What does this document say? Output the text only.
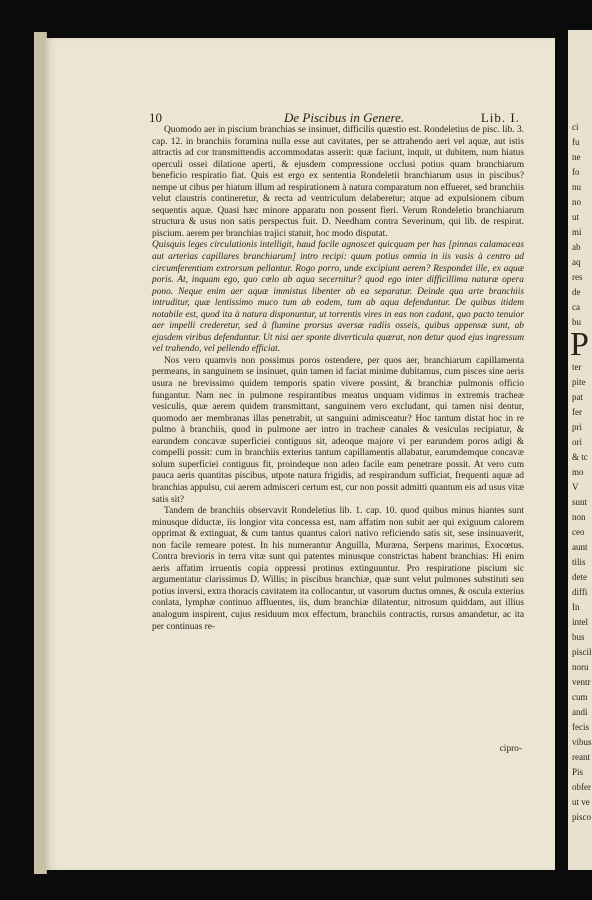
ci
fu
ne
fo
nu
no
ut
mi
ab
aq
res
de
ca
bu
P
ter
pite
pat
fer
pri
ori
& tc
mo
V
sunt
non
ceo
aunt
tilis
dete
diffi
In
intel
bus
piscil
noru
ventr
cum
andi
fecis
vibus
reant
Pis
obfer
ut ve
pisco
10	De Piscibus in Genere.	Lib. I.

Quomodo aer in piscium branchias se insinuet, difficilis quæstio est. Rondeletius de pisc. lib. 3. cap. 12. in branchiis foramina nulla esse aut cavitates, per se attrahendo aeri vel aquæ, aut istis attractis ad cor transmittendis accommodatas asserit: quæ faciunt, inquit, ut dubitem, num hiatus operculi ossei dilatione aperti, & ejusdem compressione occlusi potius quam branchiarum beneficio respiratio fiat. Quis est ergo ex sententia Rondeletii branchiarum usus in piscibus? nempe ut cibus per hiatum illum ad respirationem à natura comparatum non effueret, sed branchiis velut claustris contineretur, & recta ad ventriculum delaberetur; atque ad expulsionem cibum sequentis aquæ. Quasi hæc minore apparatu non possent fieri. Verum Rondeletio branchiarum structura & usus non satis perspectus fuit. D. Needham contra Severinum, qui lib. de respirat. piscium. aerem per branchias trajici statuit, hoc modo disputat.

Quisquis leges circulationis intelligit, haud facile agnoscet quicquam per has [pinnas calamaceas aut arterias capillares branchiarum] intro recipi: quum potius omnia in iis vasis à centro ad circumferentiam extrorsum pellantur. Rogo porro, unde excipiunt aerem? Respondet ille, ex aquæ poris. At, inquam ego, quo cœlo ab aqua secernitur? quod ego inter difficillima naturæ opera pono. Neque enim aer aquæ immistus libenter ab ea separatur. Deinde qua arte branchiis intruditur, quæ lentissimo muco tum ab eodem, tum ab aqua defenduntur. De quibus itidem notabile est, quod ita à natura disponuntur, ut torrentis vires in eas non cadant, quo pacto tenuior aer impelli crederetur, sed à flumine prorsus aversæ radiis osseis, quibus appensæ sunt, ab ejusdem viribus defenduntur. Ut nisi aer sponte diverticula quærat, non detur quod ejus ingressum vel trahendo, vel pellendo efficiat.

Nos vero quamvis non possimus poros ostendere, per quos aer, branchiarum capillamenta permeans, in sanguinem se insinuet, quin tamen id faciat minime dubitamus, cum pisces sine aeris usura ne brevissimo quidem temporis spatio vivere possint, & branchiæ pulmonis officio fungantur. Nam nec in pulmone respirantibus meatus unquam vidimus in extremis tracheæ vesiculis, quæ aerem quidem transmittant, sanguinem vero excludant, qui tamen nisi dentur, quomodo aer membranas illas penetrabit, ut sanguini admisceatur? Hoc tantum distat hoc in re pulmo à branchiis, quod in pulmone aer intro in tracheæ canales & vesiculas recipiatur, & earundem concavæ superficiei contiguus sit, adeoque majore vi per earundem poros adigi & compelli possit: cum in branchiis exterius tantum capillamentis allabatur, earumdemque concavæ solum superficiei contiguus fit, proindeque non adeo facile eam penetrare possit. At vero cum pauca aeris quantitas piscibus, utpote natura frigidis, ad respirandum sufficiat, frequenti aquæ ad branchias appulsu, cui aerem admisceri certum est, cur non possit admitti quantum eis ad usus vitæ satis sit?

Tandem de branchiis observavit Rondeletius lib. 1. cap. 10. quod quibus minus hiantes sunt minusque diductæ, iis longior vita concessa est, nam affatim non subit aer qui exiguum calorem opprimat & extinguat, & cum tantus quantus calori nativo reficiendo satis sit, sese insinuaverit, non facile remeare potest. In his numerantur Anguilla, Muræna, Serpens marinus, Exocœtus. Contra brevioris in terra vitæ sunt qui patentes minusque constrictas habent branchias: Hi enim aeris affatim irruentis copia oppressi protinus extinguuntur. Pro respiratione piscium sic argumentatur clarissimus D. Willis; in piscibus branchiæ, quæ sunt velut pulmones substituti seu potius inversi, extra thoracis cavitatem ita collocantur, ut vasorum ductus omnes, & oscula exterius conlata, lymphæ continuo affluentes, iis, dum branchiæ dilatentur, nitrosum quiddam, aut illius analogum inspirent, cujus residuum mox effectum, branchiis contractis, rursus amandetur, ac ita per continuas re-

cipro-
